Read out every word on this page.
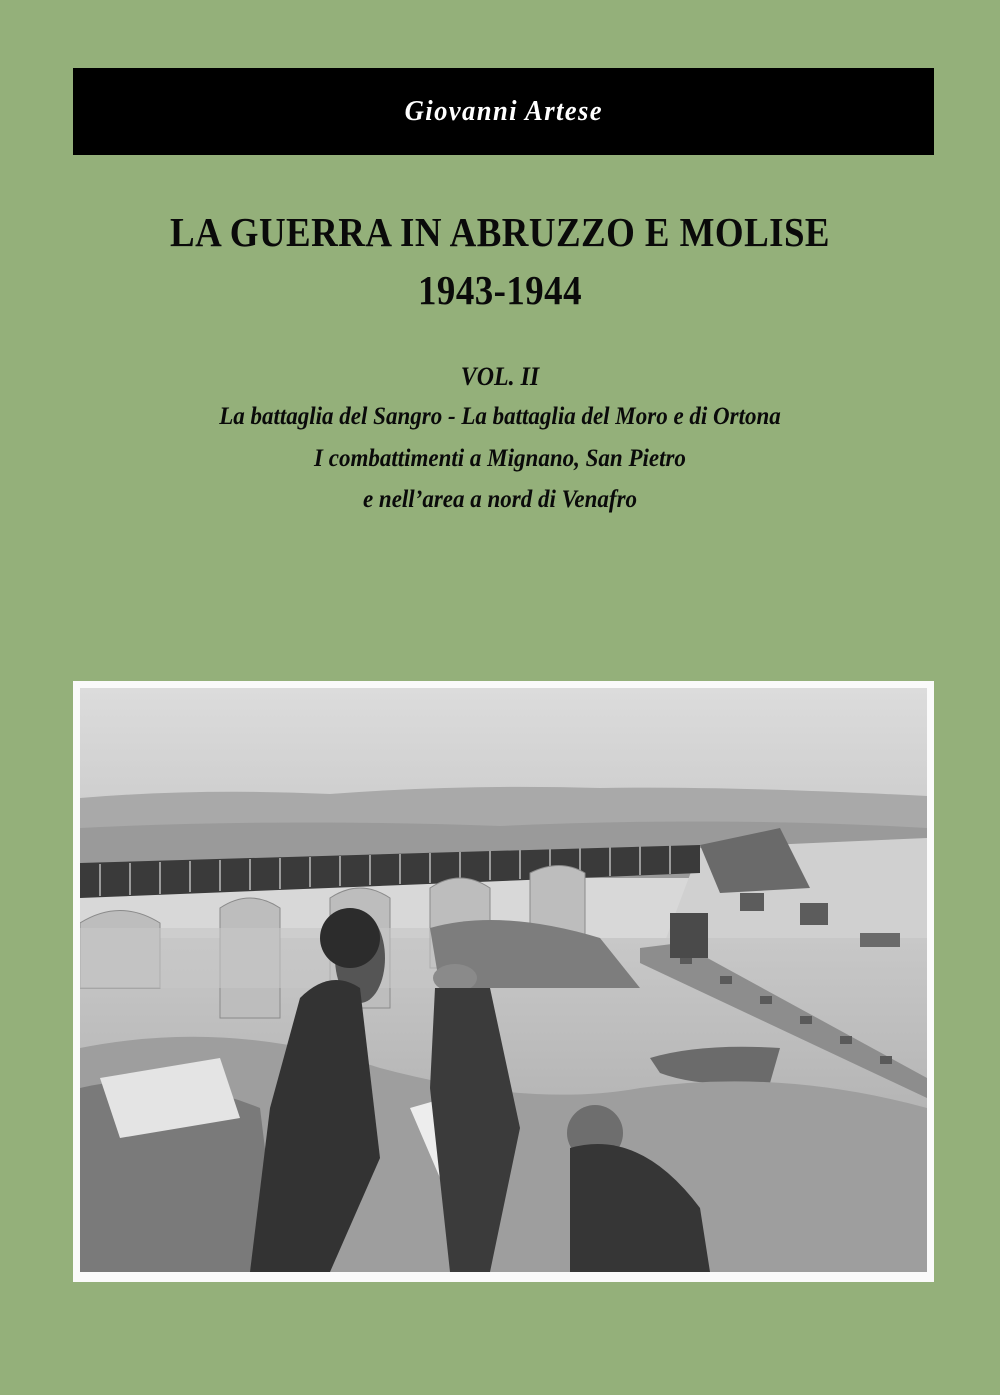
Giovanni Artese
LA GUERRA IN ABRUZZO E MOLISE
1943-1944
VOL. II
La battaglia del Sangro - La battaglia del Moro e di Ortona
I combattimenti a Mignano, San Pietro
e nell’area a nord di Venafro
